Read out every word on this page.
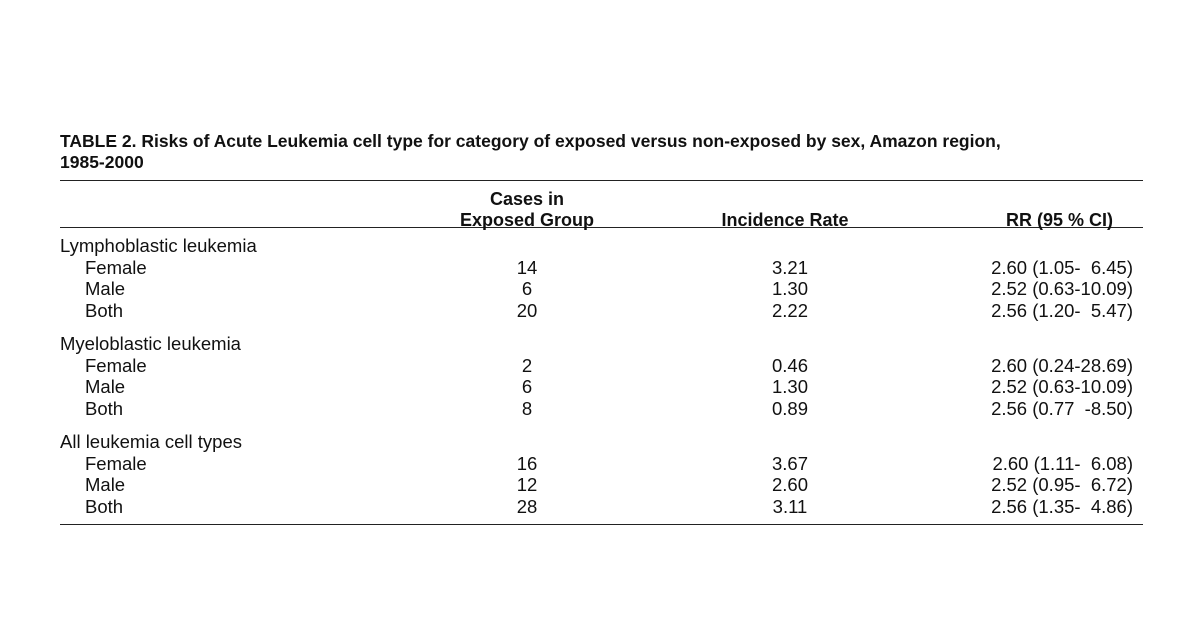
TABLE 2. Risks of Acute Leukemia cell type for category of exposed versus non-exposed by sex, Amazon region,
1985-2000

Cases in
Exposed Group	Incidence Rate	RR (95 % CI)
Lymphoblastic leukemia
Female	14	3.21	2.60 (1.05-  6.45)
Male	6	1.30	2.52 (0.63-10.09)
Both	20	2.22	2.56 (1.20-  5.47)
Myeloblastic leukemia
Female	2	0.46	2.60 (0.24-28.69)
Male	6	1.30	2.52 (0.63-10.09)
Both	8	0.89	2.56 (0.77  -8.50)
All leukemia cell types
Female	16	3.67	2.60 (1.11-  6.08)
Male	12	2.60	2.52 (0.95-  6.72)
Both	28	3.11	2.56 (1.35-  4.86)
